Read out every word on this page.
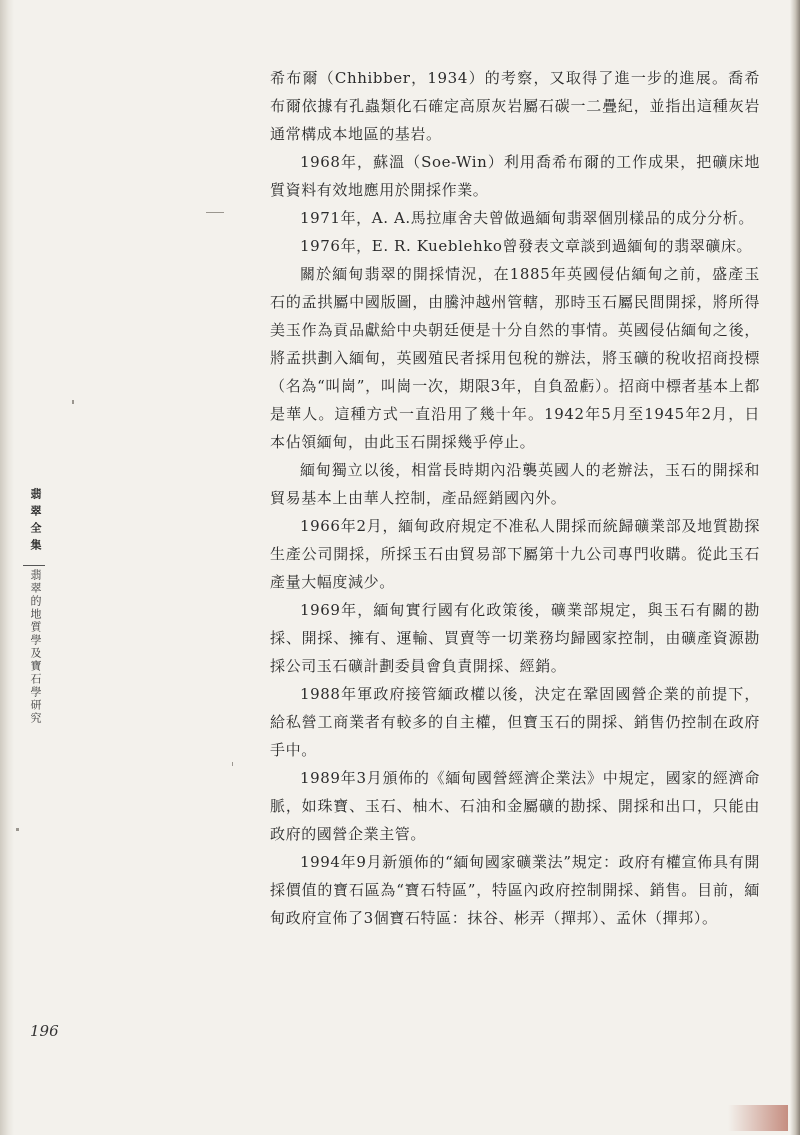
希布爾（Chhibber，1934）的考察，又取得了進一步的進展。喬希布爾依據有孔蟲類化石確定高原灰岩屬石碳一二疊紀，並指出這種灰岩通常構成本地區的基岩。

1968年，蘇溫（Soe-Win）利用喬希布爾的工作成果，把礦床地質資料有效地應用於開採作業。

1971年，A. A.馬拉庫舍夫曾做過緬甸翡翠個別樣品的成分分析。

1976年，E. R. Kueblehko曾發表文章談到過緬甸的翡翠礦床。

關於緬甸翡翠的開採情況，在1885年英國侵佔緬甸之前，盛產玉石的孟拱屬中國版圖，由騰沖越州管轄，那時玉石屬民間開採，將所得美玉作為貢品獻給中央朝廷便是十分自然的事情。英國侵佔緬甸之後，將孟拱劃入緬甸，英國殖民者採用包稅的辦法，將玉礦的稅收招商投標（名為“叫崗”，叫崗一次，期限3年，自負盈虧）。招商中標者基本上都是華人。這種方式一直沿用了幾十年。1942年5月至1945年2月，日本佔領緬甸，由此玉石開採幾乎停止。

緬甸獨立以後，相當長時期內沿襲英國人的老辦法，玉石的開採和貿易基本上由華人控制，產品經銷國內外。

1966年2月，緬甸政府規定不准私人開採而統歸礦業部及地質勘探生產公司開採，所採玉石由貿易部下屬第十九公司專門收購。從此玉石產量大幅度減少。

1969年，緬甸實行國有化政策後，礦業部規定，與玉石有關的勘採、開採、擁有、運輸、買賣等一切業務均歸國家控制，由礦產資源勘採公司玉石礦計劃委員會負責開採、經銷。

1988年軍政府接管緬政權以後，決定在鞏固國營企業的前提下，給私營工商業者有較多的自主權，但寶玉石的開採、銷售仍控制在政府手中。

1989年3月頒佈的《緬甸國營經濟企業法》中規定，國家的經濟命脈，如珠寶、玉石、柚木、石油和金屬礦的勘採、開採和出口，只能由政府的國營企業主管。

1994年9月新頒佈的“緬甸國家礦業法”規定：政府有權宣佈具有開採價值的寶石區為“寶石特區”，特區內政府控制開採、銷售。目前，緬甸政府宣佈了3個寶石特區：抹谷、彬弄（撣邦）、孟休（撣邦）。

翡翠全集
翡翠的地質學及寶石學研究
196
